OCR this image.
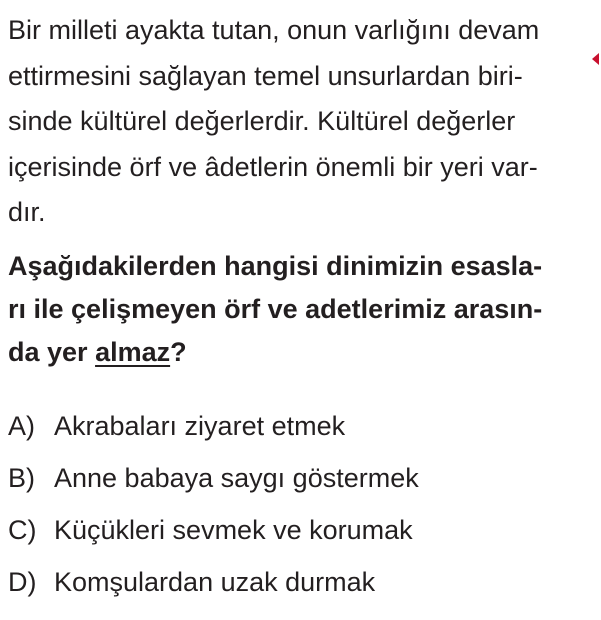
Bir milleti ayakta tutan, onun varlığını devam
ettirmesini sağlayan temel unsurlardan biri-
sinde kültürel değerlerdir. Kültürel değerler
içerisinde örf ve âdetlerin önemli bir yeri var-
dır.
Aşağıdakilerden hangisi dinimizin esasla-
rı ile çelişmeyen örf ve adetlerimiz arasın-
da yer almaz?
A) Akrabaları ziyaret etmek
B) Anne babaya saygı göstermek
C) Küçükleri sevmek ve korumak
D) Komşulardan uzak durmak
